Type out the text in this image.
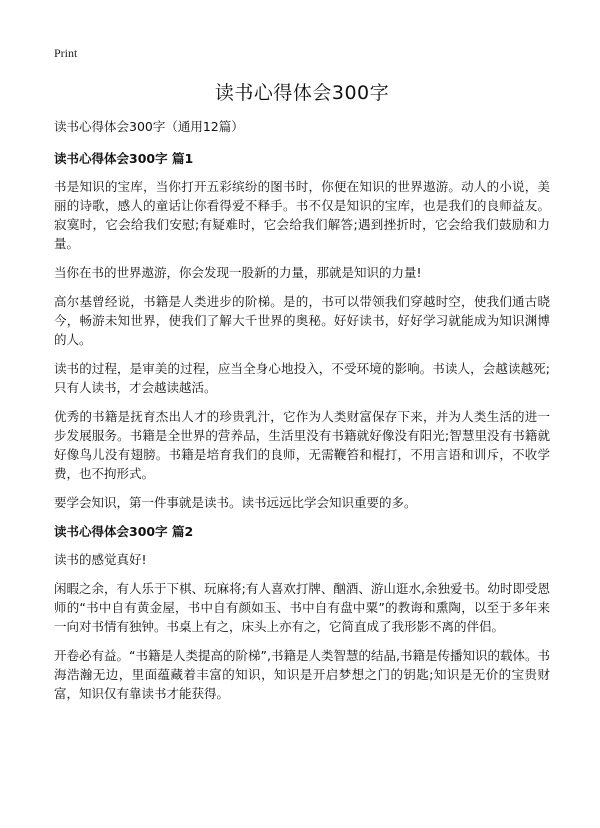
Print
读书心得体会300字
读书心得体会300字（通用12篇）
读书心得体会300字 篇1

书是知识的宝库，当你打开五彩缤纷的图书时，你便在知识的世界遨游。动人的小说，美丽的诗歌，感人的童话让你看得爱不释手。书不仅是知识的宝库，也是我们的良师益友。寂寞时，它会给我们安慰;有疑难时，它会给我们解答;遇到挫折时，它会给我们鼓励和力量。

当你在书的世界遨游，你会发现一股新的力量，那就是知识的力量!

高尔基曾经说，书籍是人类进步的阶梯。是的，书可以带领我们穿越时空，使我们通古晓今，畅游未知世界，使我们了解大千世界的奥秘。好好读书，好好学习就能成为知识渊博的人。

读书的过程，是审美的过程，应当全身心地投入，不受环境的影响。书读人，会越读越死;只有人读书，才会越读越活。

优秀的书籍是抚育杰出人才的珍贵乳汁，它作为人类财富保存下来，并为人类生活的进一步发展服务。书籍是全世界的营养品，生活里没有书籍就好像没有阳光;智慧里没有书籍就好像鸟儿没有翅膀。书籍是培育我们的良师，无需鞭笞和棍打，不用言语和训斥，不收学费，也不拘形式。

要学会知识，第一件事就是读书。读书远远比学会知识重要的多。

读书心得体会300字 篇2

读书的感觉真好!

闲暇之余，有人乐于下棋、玩麻将;有人喜欢打牌、酗酒、游山逛水,余独爱书。幼时即受恩师的“书中自有黄金屋，书中自有颜如玉、书中自有盘中粟”的教诲和熏陶，以至于多年来一向对书情有独钟。书桌上有之，床头上亦有之，它简直成了我形影不离的伴侣。

开卷必有益。“书籍是人类提高的阶梯”,书籍是人类智慧的结晶,书籍是传播知识的载体。书海浩瀚无边，里面蕴藏着丰富的知识，知识是开启梦想之门的钥匙;知识是无价的宝贵财富，知识仅有靠读书才能获得。
